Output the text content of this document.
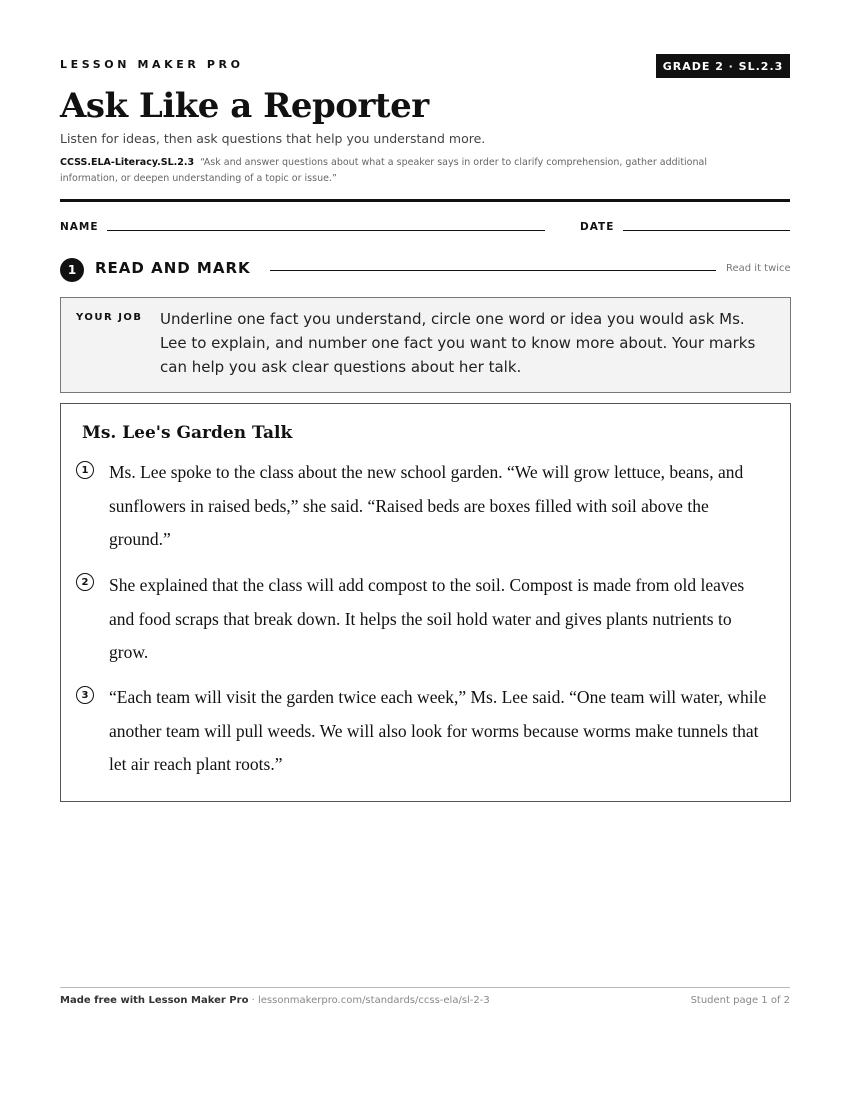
LESSON MAKER PRO	GRADE 2 · SL.2.3
Ask Like a Reporter
Listen for ideas, then ask questions that help you understand more.
CCSS.ELA-Literacy.SL.2.3 “Ask and answer questions about what a speaker says in order to clarify comprehension, gather additional information, or deepen understanding of a topic or issue.”
NAME	DATE
1	READ AND MARK	Read it twice
YOUR JOB Underline one fact you understand, circle one word or idea you would ask Ms. Lee to explain, and number one fact you want to know more about. Your marks can help you ask clear questions about her talk.
Ms. Lee's Garden Talk
1	Ms. Lee spoke to the class about the new school garden. “We will grow lettuce, beans, and sunflowers in raised beds,” she said. “Raised beds are boxes filled with soil above the ground.”
2	She explained that the class will add compost to the soil. Compost is made from old leaves and food scraps that break down. It helps the soil hold water and gives plants nutrients to grow.
3	“Each team will visit the garden twice each week,” Ms. Lee said. “One team will water, while another team will pull weeds. We will also look for worms because worms make tunnels that let air reach plant roots.”
Made free with Lesson Maker Pro · lessonmakerpro.com/standards/ccss-ela/sl-2-3	Student page 1 of 2
